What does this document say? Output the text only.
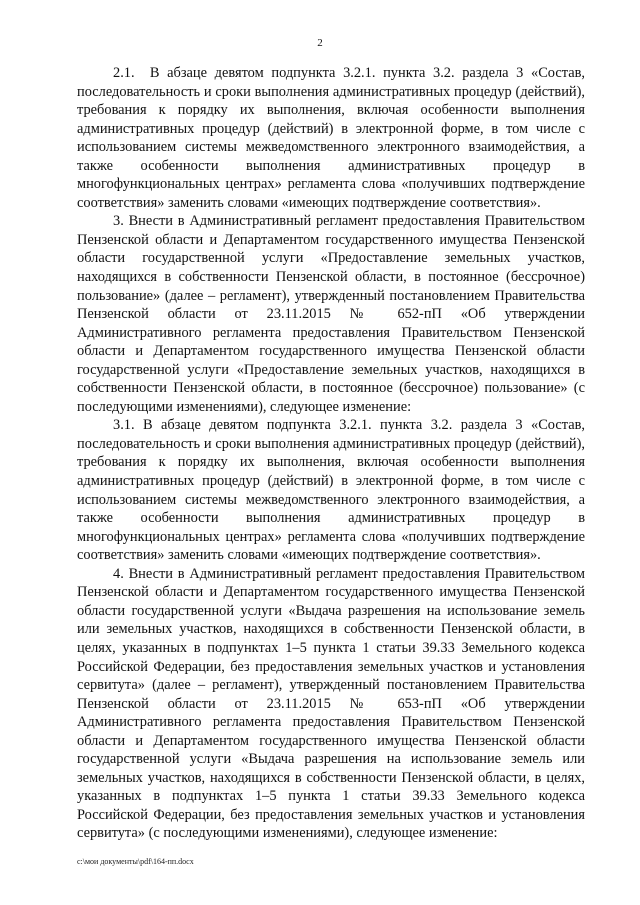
2

2.1.  В абзаце девятом подпункта 3.2.1. пункта 3.2. раздела 3 «Состав, последовательность и сроки выполнения административных процедур (действий), требования к порядку их выполнения, включая особенности выполнения административных процедур (действий) в электронной форме, в том числе с использованием системы межведомственного электронного взаимодействия, а также особенности выполнения административных процедур в многофункциональных центрах» регламента слова «получивших подтверждение соответствия» заменить словами «имеющих подтверждение соответствия».

3. Внести в Административный регламент предоставления Правительством Пензенской области и Департаментом государственного имущества Пензенской области государственной услуги «Предоставление земельных участков, находящихся в собственности Пензенской области, в постоянное (бессрочное) пользование» (далее – регламент), утвержденный постановлением Правительства Пензенской области от 23.11.2015 № 652-пП «Об утверждении Административного регламента предоставления Правительством Пензенской области и Департаментом государственного имущества Пензенской области государственной услуги «Предоставление земельных участков, находящихся в собственности Пензенской области, в постоянное (бессрочное) пользование» (с последующими изменениями), следующее изменение:

3.1. В абзаце девятом подпункта 3.2.1. пункта 3.2. раздела 3 «Состав, последовательность и сроки выполнения административных процедур (действий), требования к порядку их выполнения, включая особенности выполнения административных процедур (действий) в электронной форме, в том числе с использованием системы межведомственного электронного взаимодействия, а также особенности выполнения административных процедур в многофункциональных центрах» регламента слова «получивших подтверждение соответствия» заменить словами «имеющих подтверждение соответствия».

4. Внести в Административный регламент предоставления Правительством Пензенской области и Департаментом государственного имущества Пензенской области государственной услуги «Выдача разрешения на использование земель или земельных участков, находящихся в собственности Пензенской области, в целях, указанных в подпунктах 1–5 пункта 1 статьи 39.33 Земельного кодекса Российской Федерации, без предоставления земельных участков и установления сервитута» (далее – регламент), утвержденный постановлением Правительства Пензенской области от 23.11.2015 № 653-пП «Об утверждении Административного регламента предоставления Правительством Пензенской области и Департаментом государственного имущества Пензенской области государственной услуги «Выдача разрешения на использование земель или земельных участков, находящихся в собственности Пензенской области, в целях, указанных в подпунктах 1–5 пункта 1 статьи 39.33 Земельного кодекса Российской Федерации, без предоставления земельных участков и установления сервитута» (с последующими изменениями), следующее изменение:

c:\мои документы\pdf\164-пп.docx
